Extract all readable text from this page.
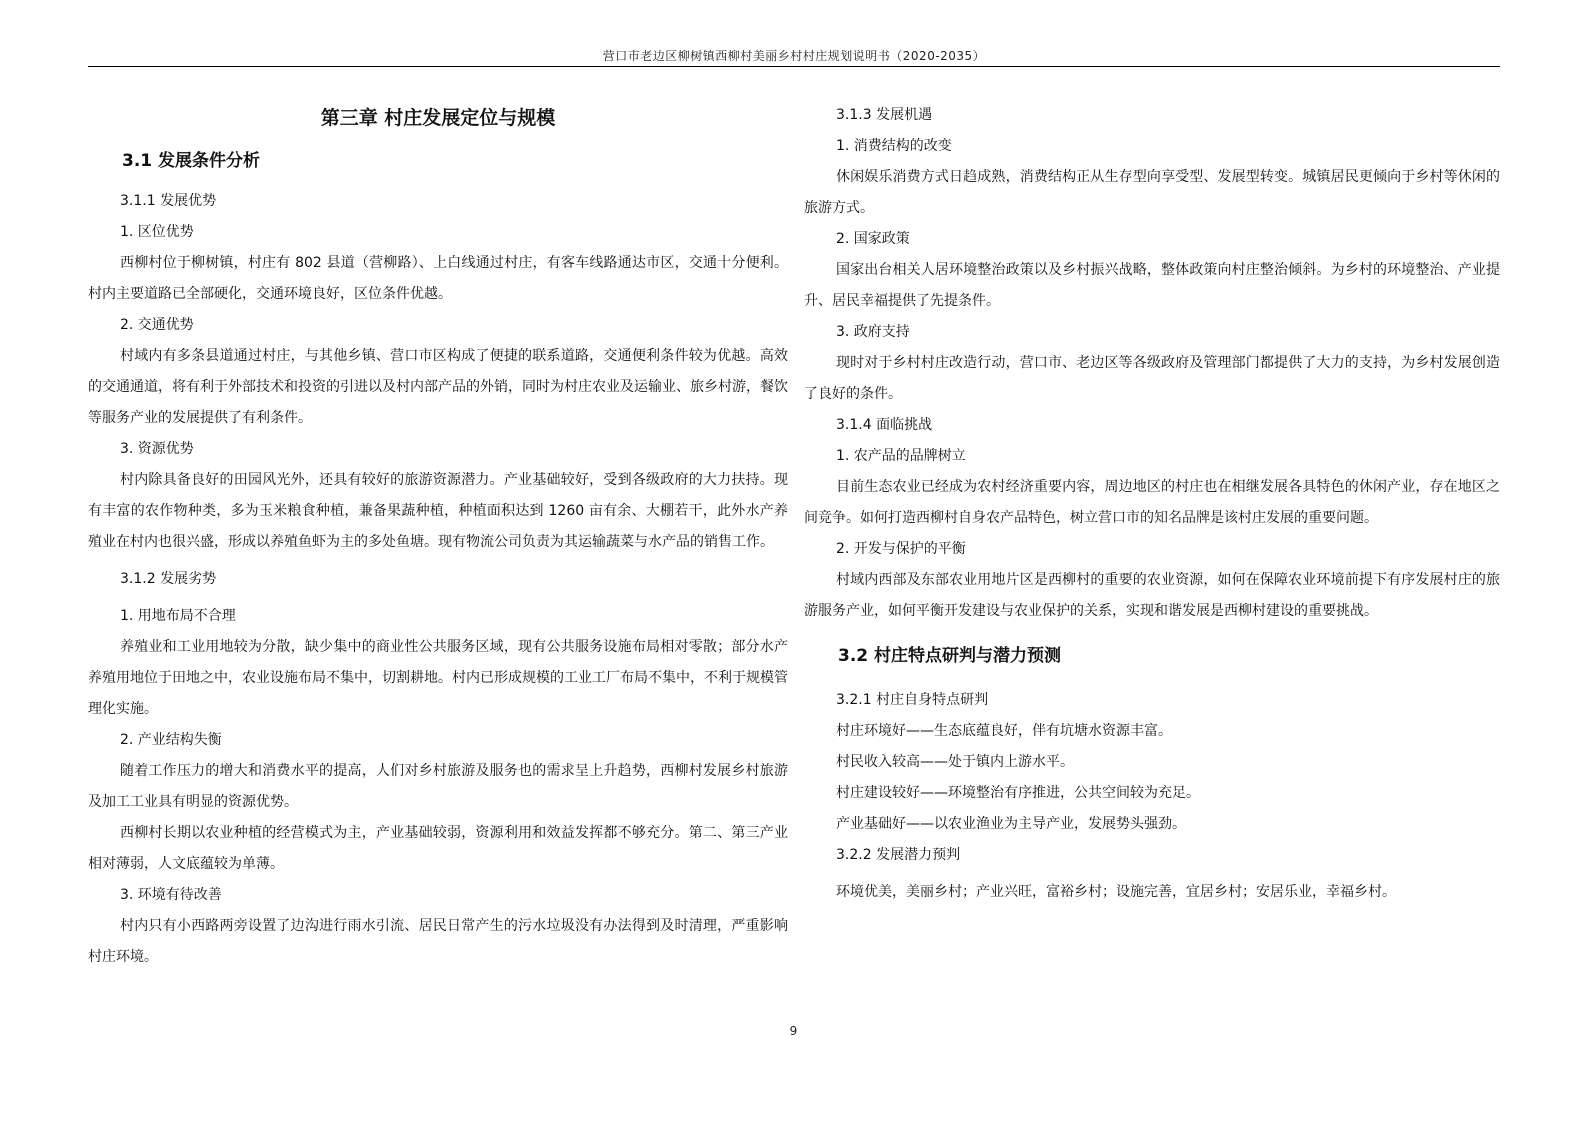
营口市老边区柳树镇西柳村美丽乡村村庄规划说明书（2020-2035）
第三章 村庄发展定位与规模
3.1 发展条件分析
3.1.1 发展优势
1. 区位优势

西柳村位于柳树镇，村庄有 802 县道（营柳路）、上白线通过村庄，有客车线路通达市区，交通十分便利。村内主要道路已全部硬化，交通环境良好，区位条件优越。

2. 交通优势

村域内有多条县道通过村庄，与其他乡镇、营口市区构成了便捷的联系道路，交通便利条件较为优越。高效的交通通道，将有利于外部技术和投资的引进以及村内部产品的外销，同时为村庄农业及运输业、旅乡村游，餐饮等服务产业的发展提供了有利条件。

3. 资源优势

村内除具备良好的田园风光外，还具有较好的旅游资源潜力。产业基础较好，受到各级政府的大力扶持。现有丰富的农作物种类，多为玉米粮食种植，兼备果蔬种植，种植面积达到 1260 亩有余、大棚若干，此外水产养殖业在村内也很兴盛，形成以养殖鱼虾为主的多处鱼塘。现有物流公司负责为其运输蔬菜与水产品的销售工作。

3.1.2 发展劣势
1. 用地布局不合理

养殖业和工业用地较为分散，缺少集中的商业性公共服务区域，现有公共服务设施布局相对零散；部分水产养殖用地位于田地之中，农业设施布局不集中，切割耕地。村内已形成规模的工业工厂布局不集中，不利于规模管理化实施。

2. 产业结构失衡

随着工作压力的增大和消费水平的提高，人们对乡村旅游及服务也的需求呈上升趋势，西柳村发展乡村旅游及加工工业具有明显的资源优势。

西柳村长期以农业种植的经营模式为主，产业基础较弱，资源利用和效益发挥都不够充分。第二、第三产业相对薄弱，人文底蕴较为单薄。

3. 环境有待改善

村内只有小西路两旁设置了边沟进行雨水引流、居民日常产生的污水垃圾没有办法得到及时清理，严重影响村庄环境。

3.1.3 发展机遇
1. 消费结构的改变

休闲娱乐消费方式日趋成熟，消费结构正从生存型向享受型、发展型转变。城镇居民更倾向于乡村等休闲的旅游方式。

2. 国家政策

国家出台相关人居环境整治政策以及乡村振兴战略，整体政策向村庄整治倾斜。为乡村的环境整治、产业提升、居民幸福提供了先提条件。

3. 政府支持

现时对于乡村村庄改造行动，营口市、老边区等各级政府及管理部门都提供了大力的支持，为乡村发展创造了良好的条件。

3.1.4 面临挑战
1. 农产品的品牌树立

目前生态农业已经成为农村经济重要内容，周边地区的村庄也在相继发展各具特色的休闲产业，存在地区之间竞争。如何打造西柳村自身农产品特色，树立营口市的知名品牌是该村庄发展的重要问题。

2. 开发与保护的平衡

村域内西部及东部农业用地片区是西柳村的重要的农业资源，如何在保障农业环境前提下有序发展村庄的旅游服务产业，如何平衡开发建设与农业保护的关系，实现和谐发展是西柳村建设的重要挑战。

3.2 村庄特点研判与潜力预测
3.2.1 村庄自身特点研判

村庄环境好——生态底蕴良好，伴有坑塘水资源丰富。

村民收入较高——处于镇内上游水平。

村庄建设较好——环境整治有序推进，公共空间较为充足。

产业基础好——以农业渔业为主导产业，发展势头强劲。

3.2.2 发展潜力预判

环境优美，美丽乡村；产业兴旺，富裕乡村；设施完善，宜居乡村；安居乐业，幸福乡村。

9
